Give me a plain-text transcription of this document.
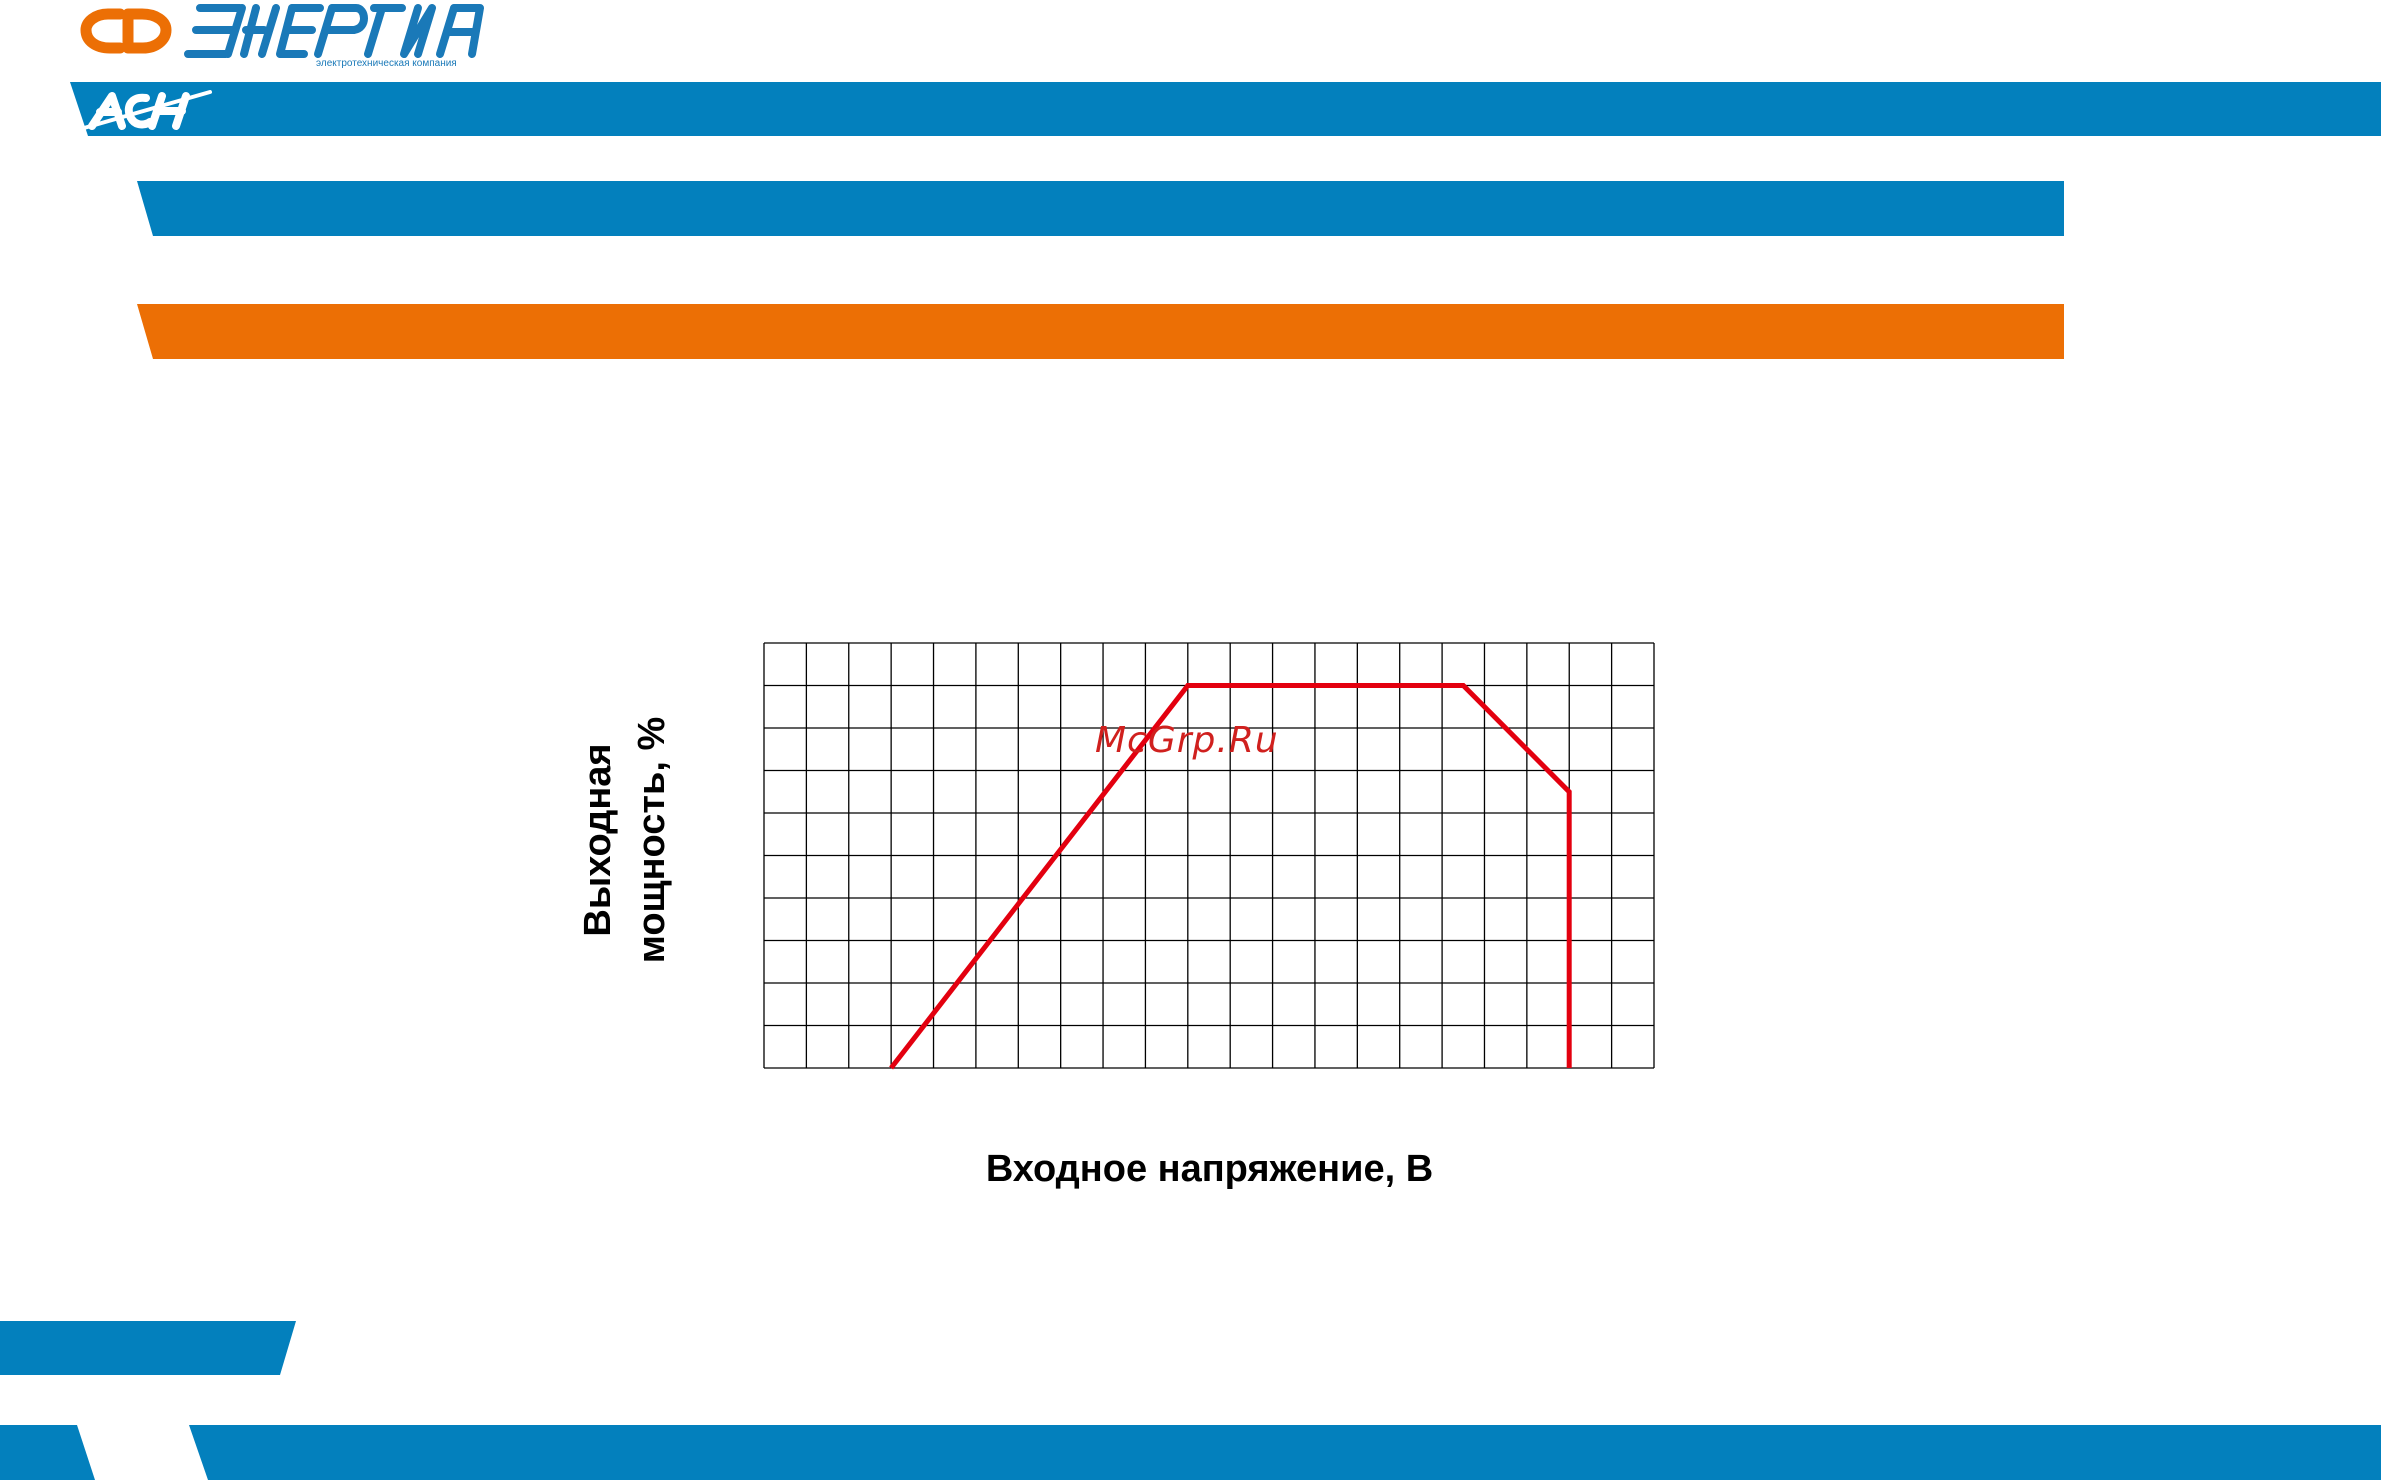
электротехническая компания
McGrp.Ru
Выходная мощность, %
Входное напряжение, В
